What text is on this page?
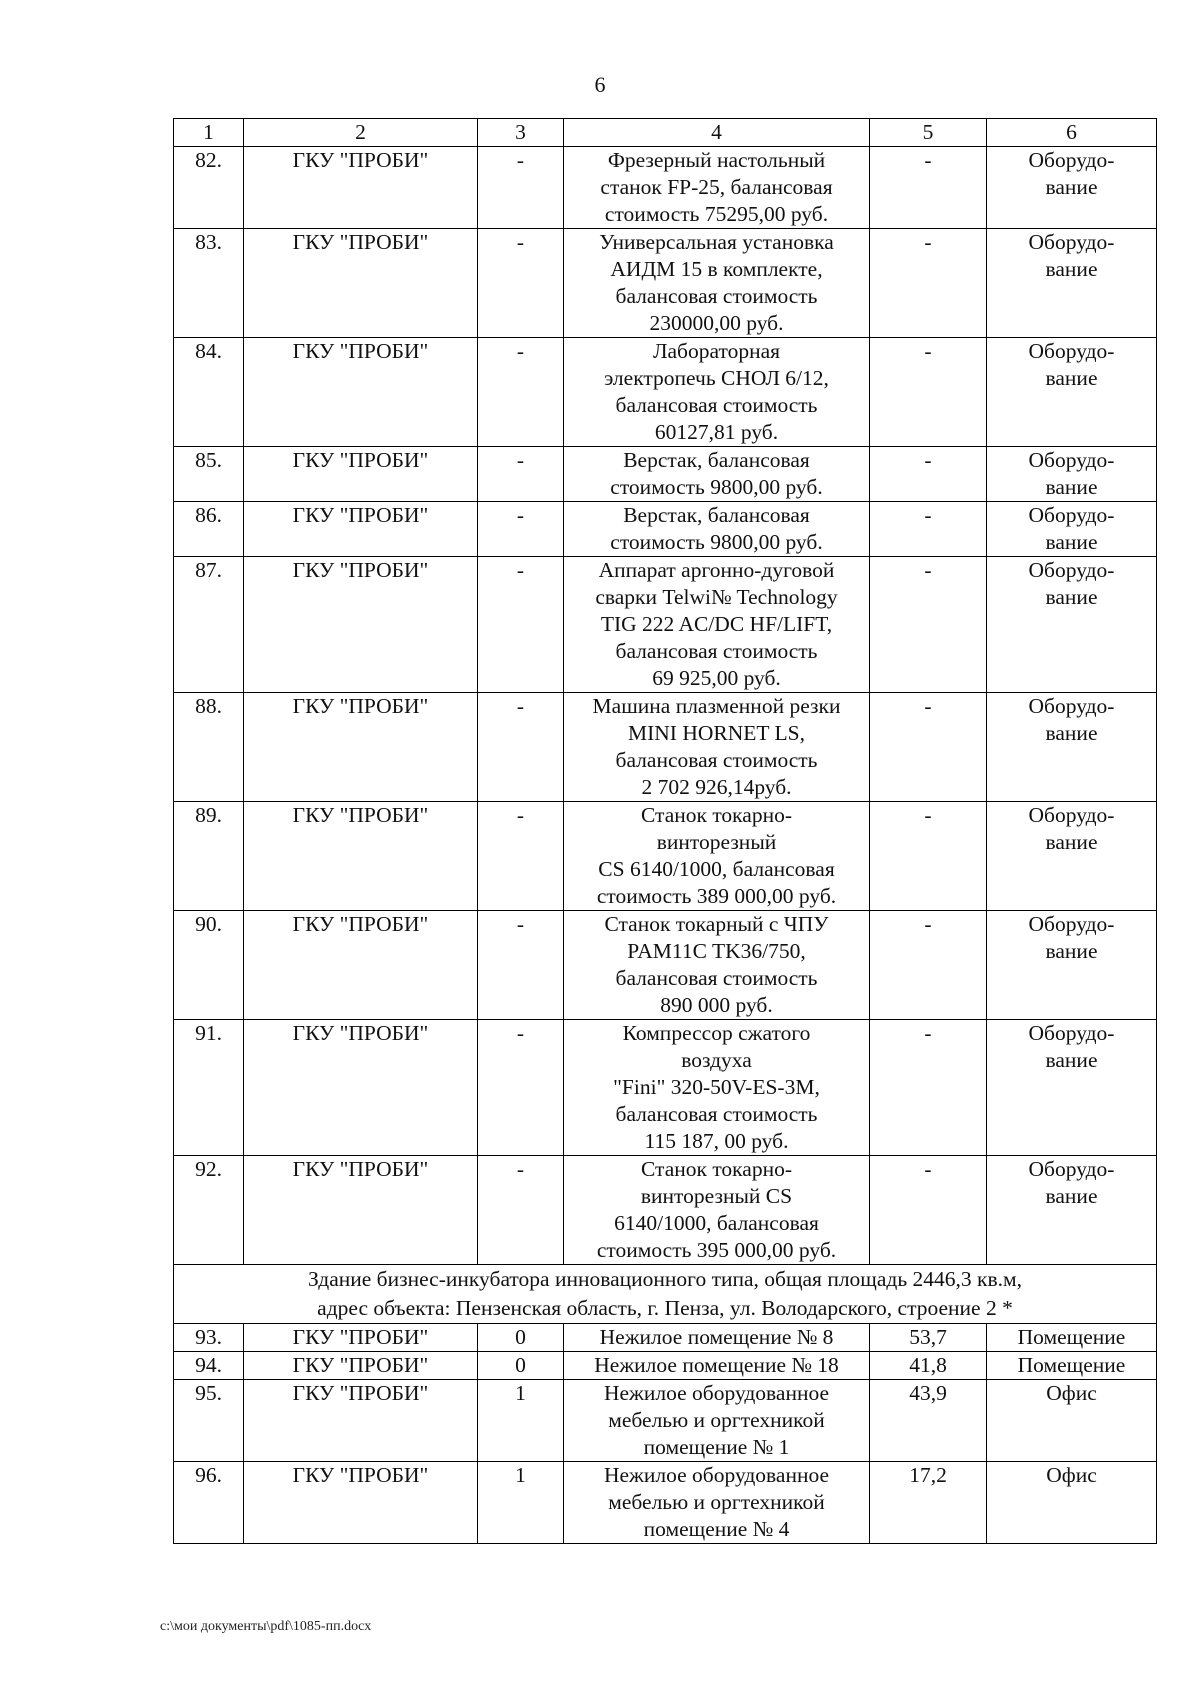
6
1	2	3	4	5	6
82.	ГКУ "ПРОБИ"	-	Фрезерный настольный
станок FP-25, балансовая
стоимость 75295,00 руб.	-	Оборудо-
вание

83.	ГКУ "ПРОБИ"	-	Универсальная установка
АИДМ 15 в комплекте,
балансовая стоимость
230000,00 руб.	-	Оборудо-
вание

84.	ГКУ "ПРОБИ"	-	Лабораторная
электропечь СНОЛ 6/12,
балансовая стоимость
60127,81 руб.	-	Оборудо-
вание

85.	ГКУ "ПРОБИ"	-	Верстак, балансовая
стоимость 9800,00 руб.	-	Оборудо-
вание

86.	ГКУ "ПРОБИ"	-	Верстак, балансовая
стоимость 9800,00 руб.	-	Оборудо-
вание

87.	ГКУ "ПРОБИ"	-	Аппарат аргонно-дуговой
сварки Telwi№ Technology
TIG 222 AC/DC HF/LIFT,
балансовая стоимость
69 925,00 руб.	-	Оборудо-
вание

88.	ГКУ "ПРОБИ"	-	Машина плазменной резки
MINI HORNET LS,
балансовая стоимость
2 702 926,14руб.	-	Оборудо-
вание

89.	ГКУ "ПРОБИ"	-	Станок токарно-
винторезный
CS 6140/1000, балансовая
стоимость 389 000,00 руб.	-	Оборудо-
вание

90.	ГКУ "ПРОБИ"	-	Станок токарный с ЧПУ
PAM11C TK36/750,
балансовая стоимость
890 000 руб.	-	Оборудо-
вание

91.	ГКУ "ПРОБИ"	-	Компрессор сжатого
воздуха
"Fini" 320-50V-ES-3M,
балансовая стоимость
115 187, 00 руб.	-	Оборудо-
вание

92.	ГКУ "ПРОБИ"	-	Станок токарно-
винторезный CS
6140/1000, балансовая
стоимость 395 000,00 руб.	-	Оборудо-
вание

Здание бизнес-инкубатора инновационного типа, общая площадь 2446,3 кв.м,
адрес объекта: Пензенская область, г. Пенза, ул. Володарского, строение 2 *					

93.	ГКУ "ПРОБИ"	0	Нежилое помещение № 8	53,7	Помещение

94.	ГКУ "ПРОБИ"	0	Нежилое помещение № 18	41,8	Помещение

95.	ГКУ "ПРОБИ"	1	Нежилое оборудованное
мебелью и оргтехникой
помещение № 1	43,9	Офис

96.	ГКУ "ПРОБИ"	1	Нежилое оборудованное
мебелью и оргтехникой
помещение № 4	17,2	Офис
c:\мои документы\pdf\1085-пп.docx
